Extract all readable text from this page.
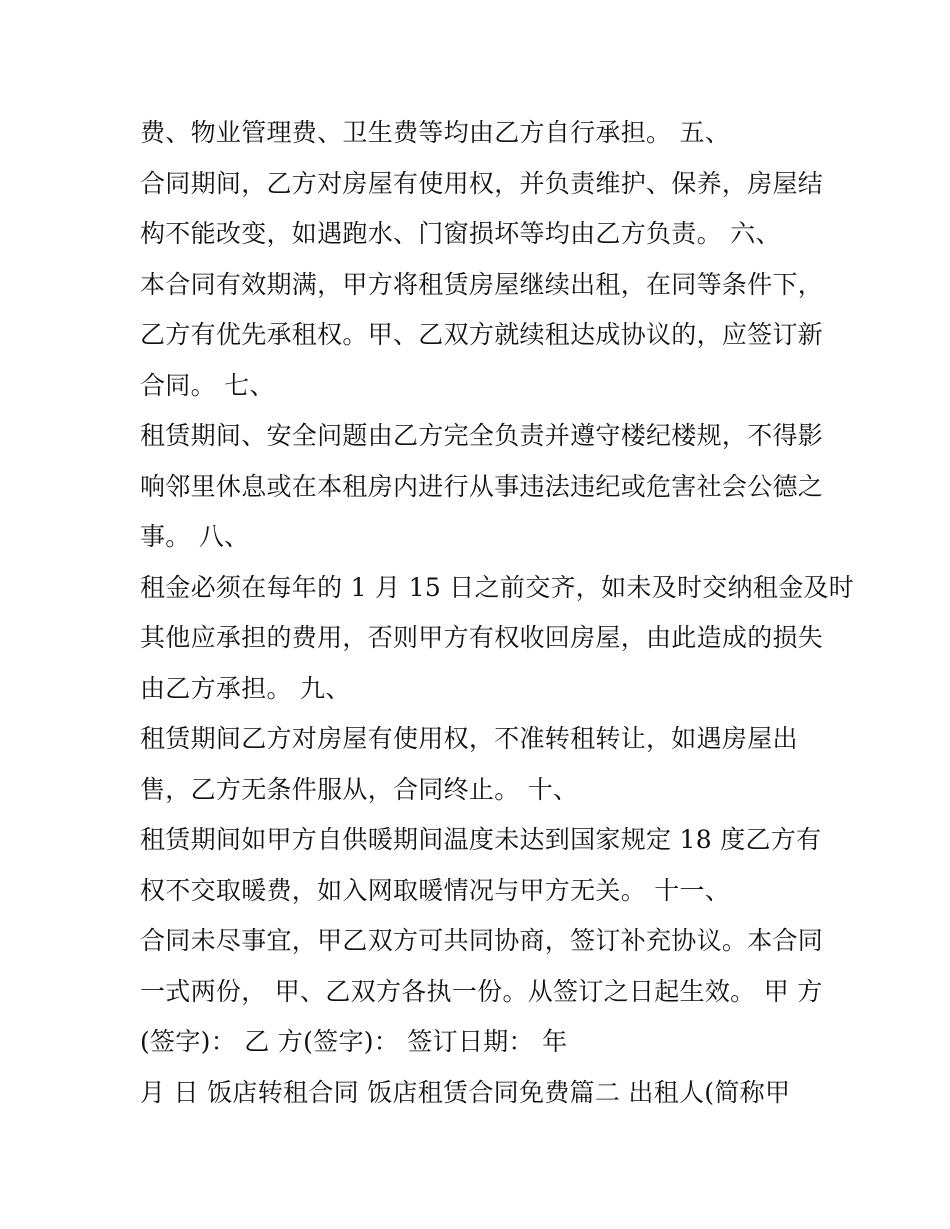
费、物业管理费、卫生费等均由乙方自行承担。 五、
合同期间，乙方对房屋有使用权，并负责维护、保养，房屋结
构不能改变，如遇跑水、门窗损坏等均由乙方负责。 六、
本合同有效期满，甲方将租赁房屋继续出租，在同等条件下，
乙方有优先承租权。甲、乙双方就续租达成协议的，应签订新
合同。 七、
租赁期间、安全问题由乙方完全负责并遵守楼纪楼规，不得影
响邻里休息或在本租房内进行从事违法违纪或危害社会公德之
事。 八、
租金必须在每年的 1 月 15 日之前交齐，如未及时交纳租金及时
其他应承担的费用，否则甲方有权收回房屋，由此造成的损失
由乙方承担。 九、
租赁期间乙方对房屋有使用权，不准转租转让，如遇房屋出
售，乙方无条件服从，合同终止。 十、
租赁期间如甲方自供暖期间温度未达到国家规定 18 度乙方有
权不交取暖费，如入网取暖情况与甲方无关。 十一、
合同未尽事宜，甲乙双方可共同协商，签订补充协议。本合同
一式两份， 甲、乙双方各执一份。从签订之日起生效。 甲 方
(签字)： 乙 方(签字)： 签订日期： 年
月 日 饭店转租合同 饭店租赁合同免费篇二 出租人(简称甲
